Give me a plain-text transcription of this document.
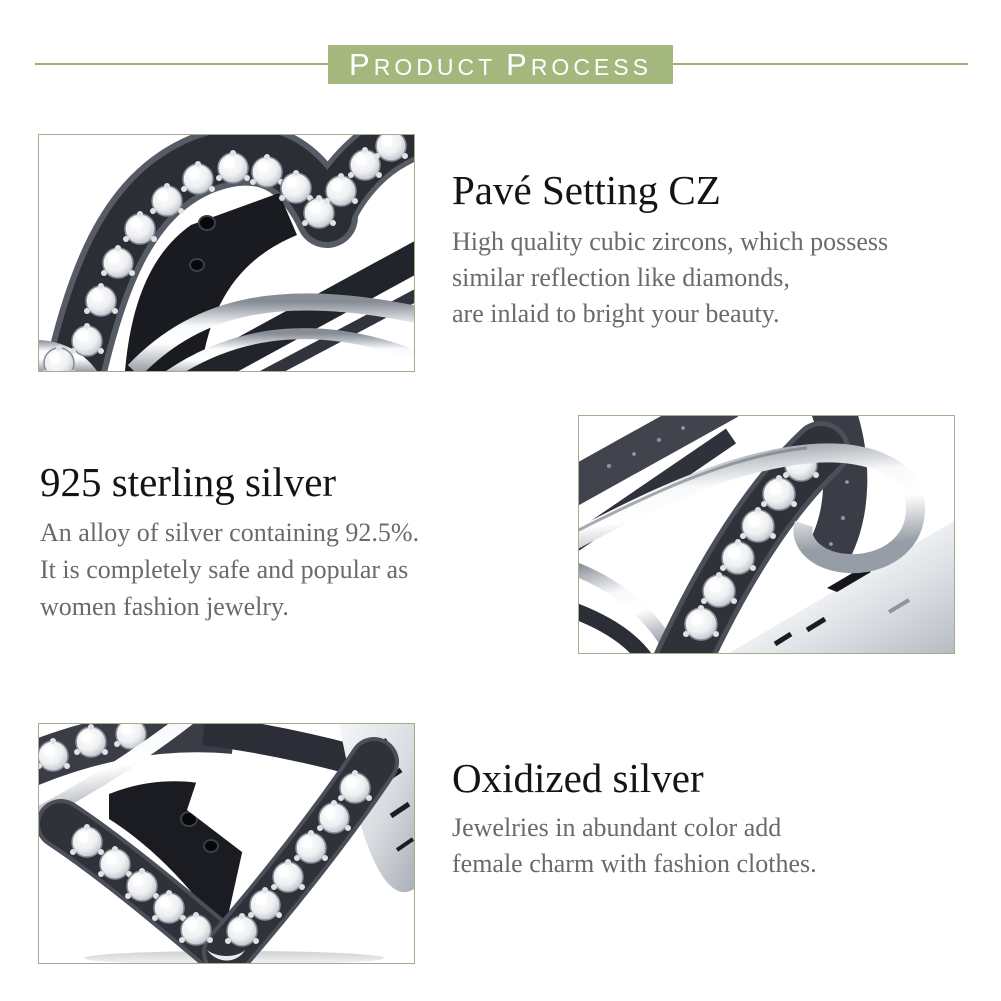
P RODUCT P ROCESS
Pavé Setting CZ
High quality cubic zircons, which possess
similar reflection like diamonds,
are inlaid to bright your beauty.
925 sterling silver
An alloy of silver containing 92.5%.
It is completely safe and popular as
women fashion jewelry.
Oxidized silver
Jewelries in abundant color add
female charm with fashion clothes.
